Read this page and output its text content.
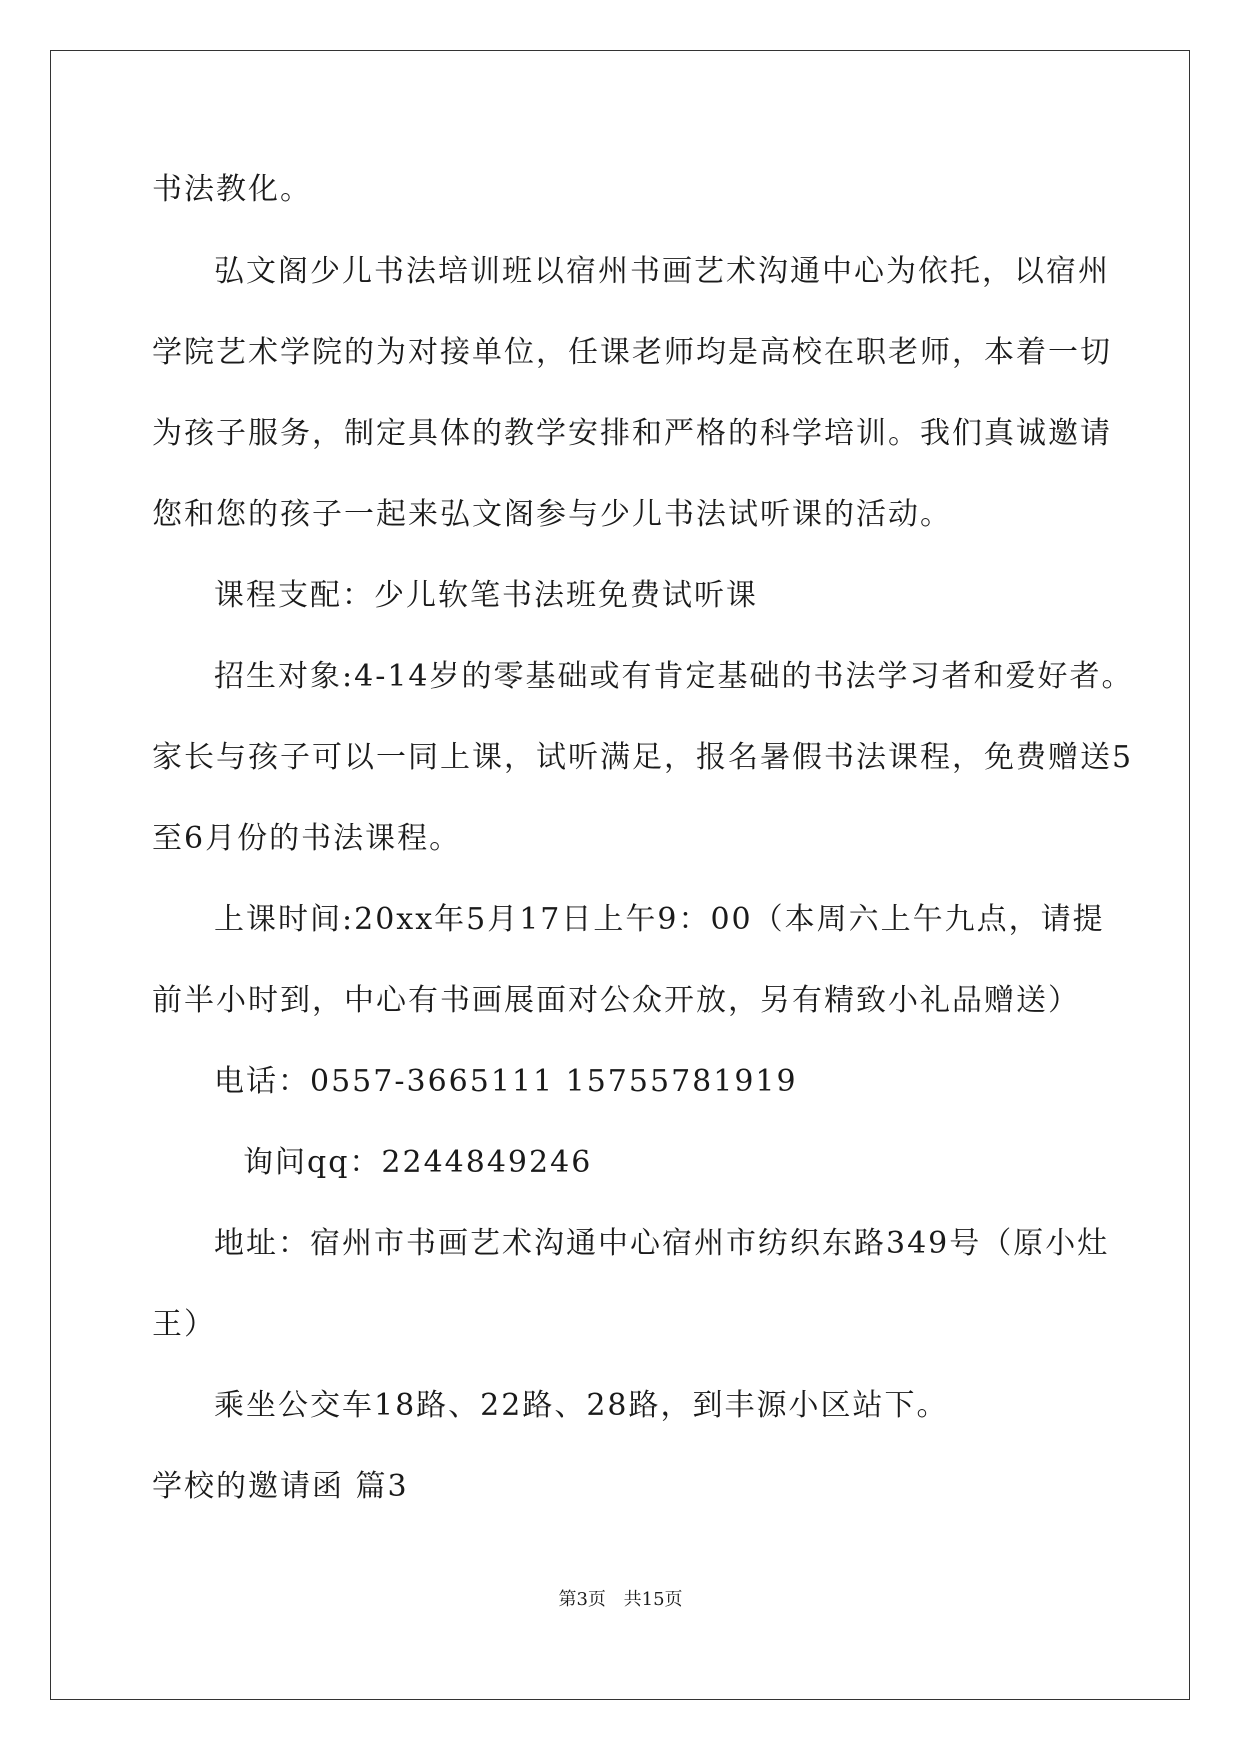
书法教化。
弘文阁少儿书法培训班以宿州书画艺术沟通中心为依托，以宿州
学院艺术学院的为对接单位，任课老师均是高校在职老师，本着一切
为孩子服务，制定具体的教学安排和严格的科学培训。我们真诚邀请
您和您的孩子一起来弘文阁参与少儿书法试听课的活动。
课程支配：少儿软笔书法班免费试听课
招生对象:4-14岁的零基础或有肯定基础的书法学习者和爱好者。
家长与孩子可以一同上课，试听满足，报名暑假书法课程，免费赠送5
至6月份的书法课程。
上课时间:20xx年5月17日上午9：00（本周六上午九点，请提
前半小时到，中心有书画展面对公众开放，另有精致小礼品赠送）
电话：0557-3665111 15755781919
询问qq：2244849246
地址：宿州市书画艺术沟通中心宿州市纺织东路349号（原小灶
王）
乘坐公交车18路、22路、28路，到丰源小区站下。
学校的邀请函 篇3
第3页 共15页
